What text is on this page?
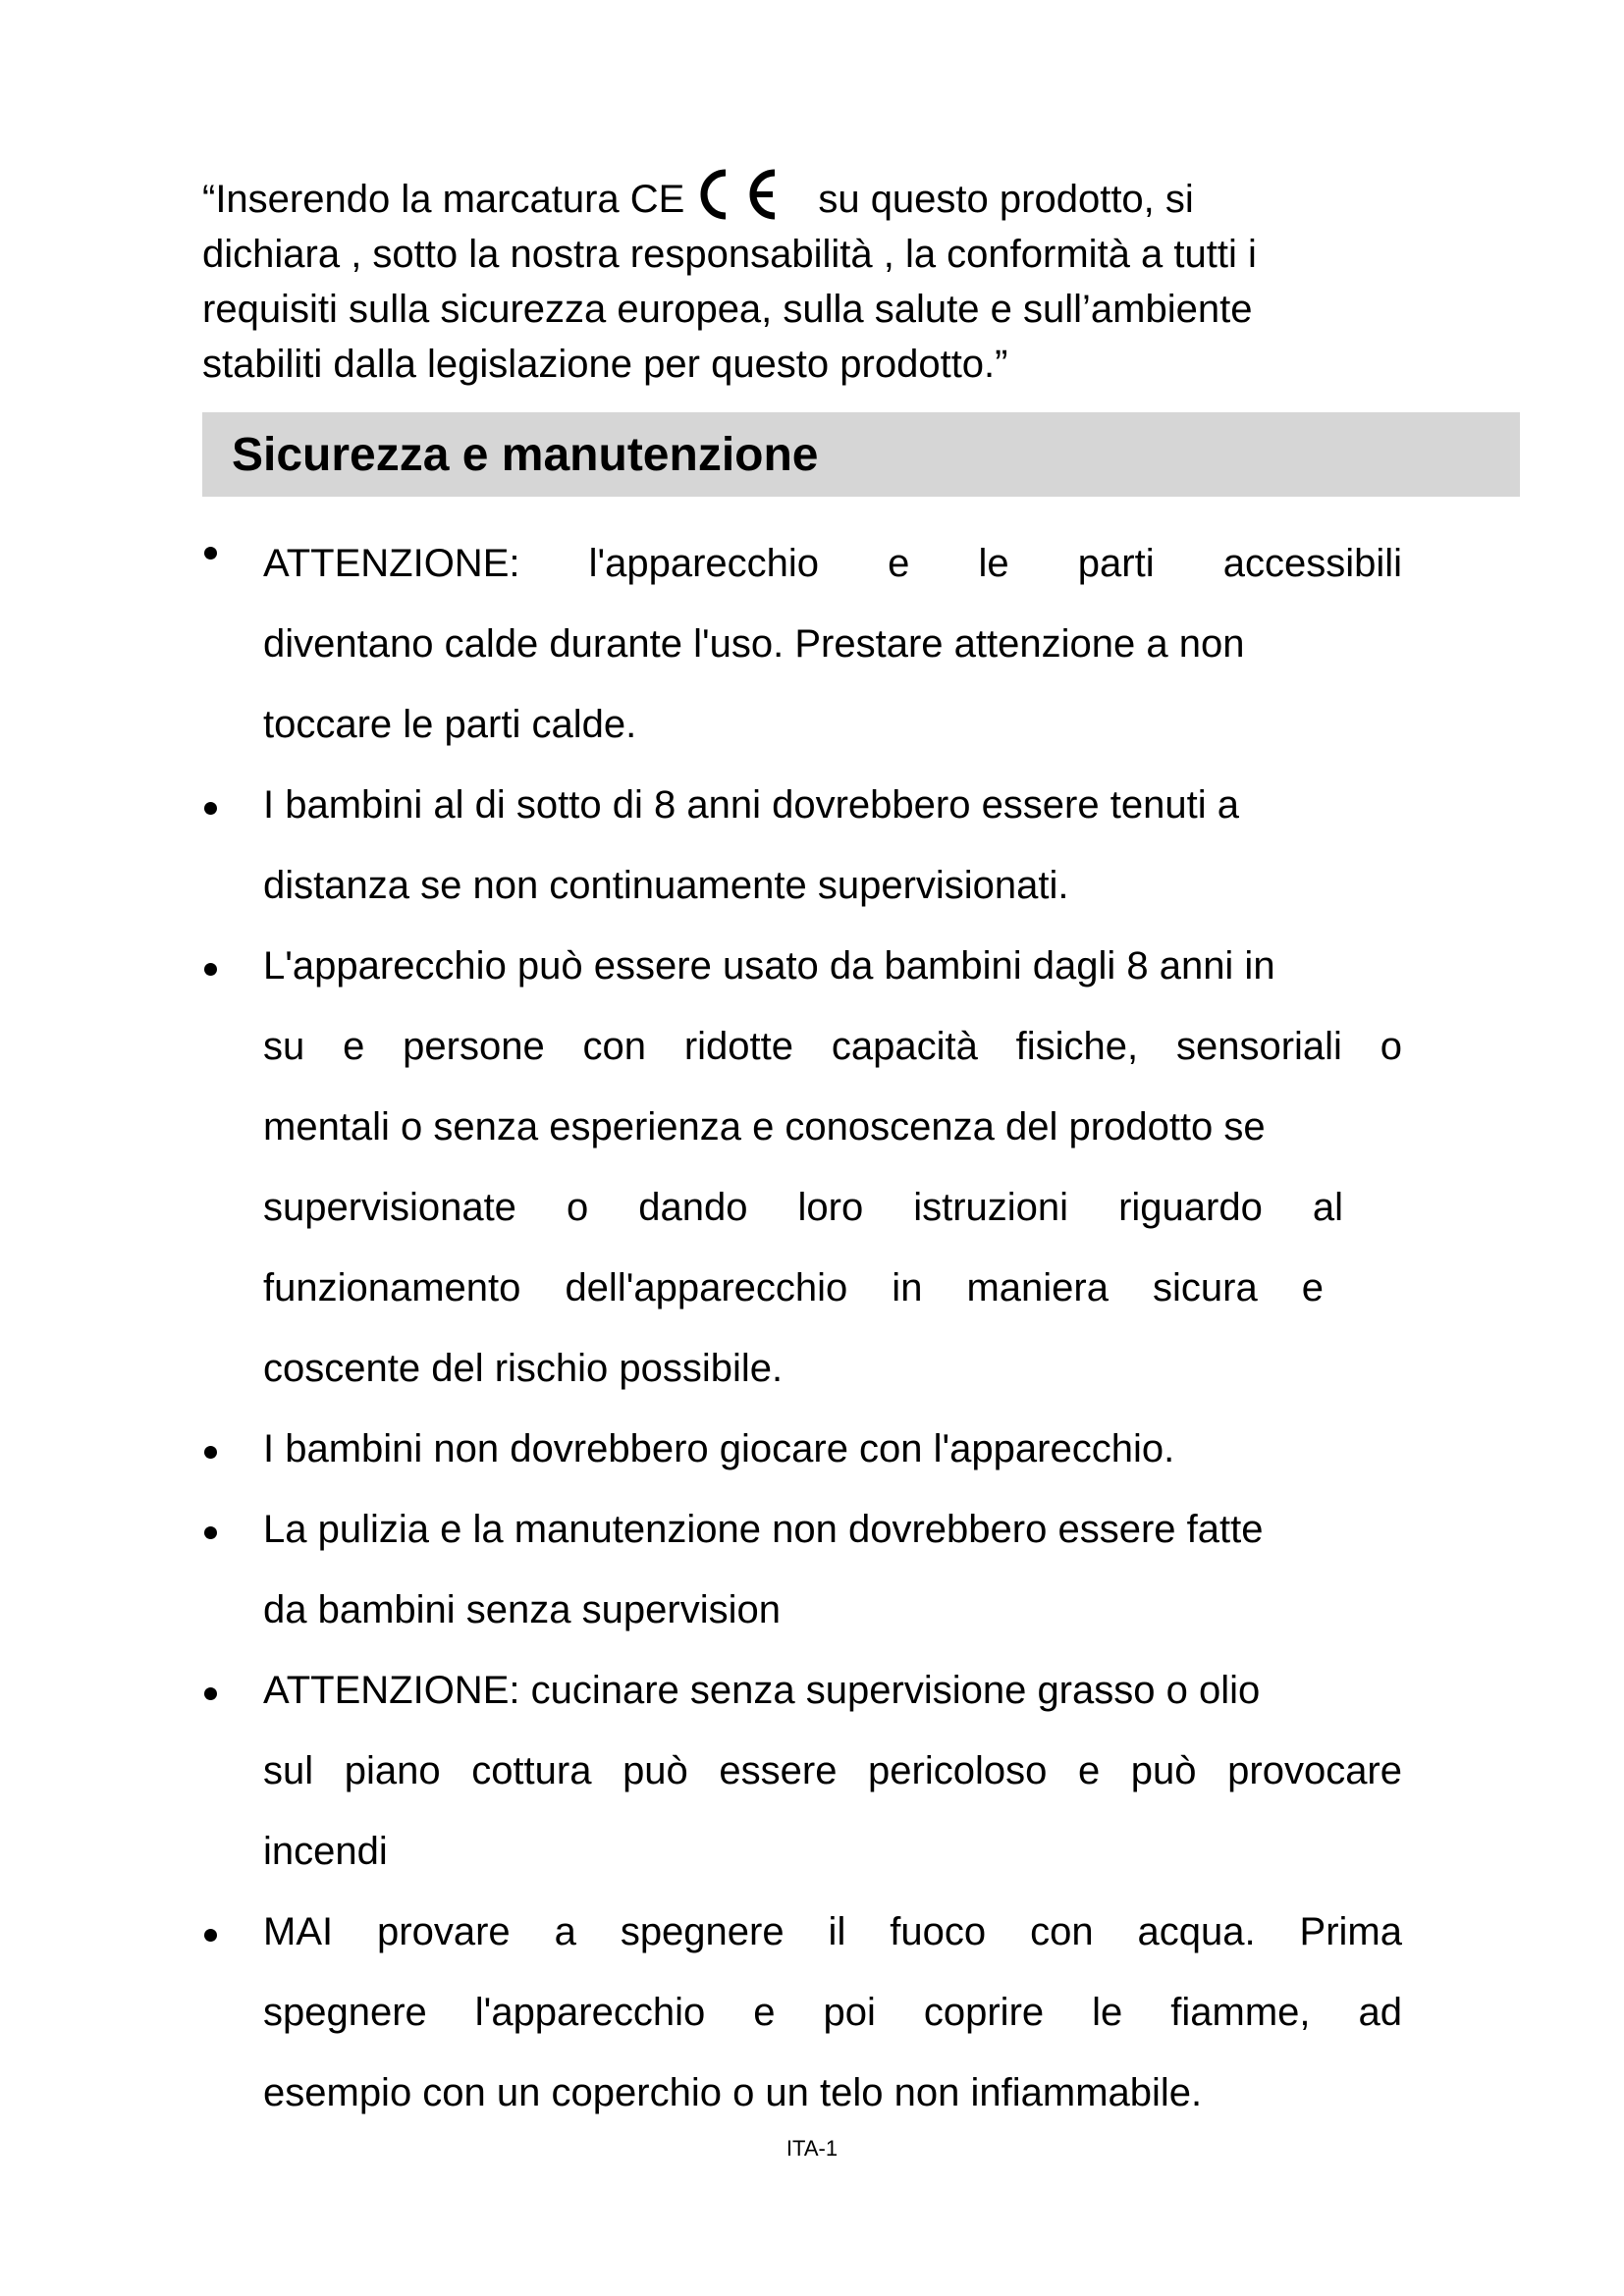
“Inserendo la marcatura CE	su questo prodotto, si
dichiara , sotto la nostra responsabilità , la conformità a tutti i
requisiti sulla sicurezza europea, sulla salute e sull’ambiente
stabiliti dalla legislazione per questo prodotto.”

Sicurezza e manutenzione
ATTENZIONE: l'apparecchio e le parti accessibili
diventano calde durante l'uso. Prestare attenzione a non
toccare le parti calde.
I bambini al di sotto di 8 anni dovrebbero essere tenuti a
distanza se non continuamente supervisionati.
L'apparecchio può essere usato da bambini dagli 8 anni in
su e persone con ridotte capacità fisiche, sensoriali o
mentali o senza esperienza e conoscenza del prodotto se
supervisionate o dando loro istruzioni riguardo al
funzionamento dell'apparecchio in maniera sicura e
coscente del rischio possibile.
I bambini non dovrebbero giocare con l'apparecchio.
La pulizia e la manutenzione non dovrebbero essere fatte
da bambini senza supervision
ATTENZIONE: cucinare senza supervisione grasso o olio
sul piano cottura può essere pericoloso e può provocare
incendi
MAI provare a spegnere il fuoco con acqua. Prima
spegnere l'apparecchio e poi coprire le fiamme, ad
esempio con un coperchio o un telo non infiammabile.
ITA-1
